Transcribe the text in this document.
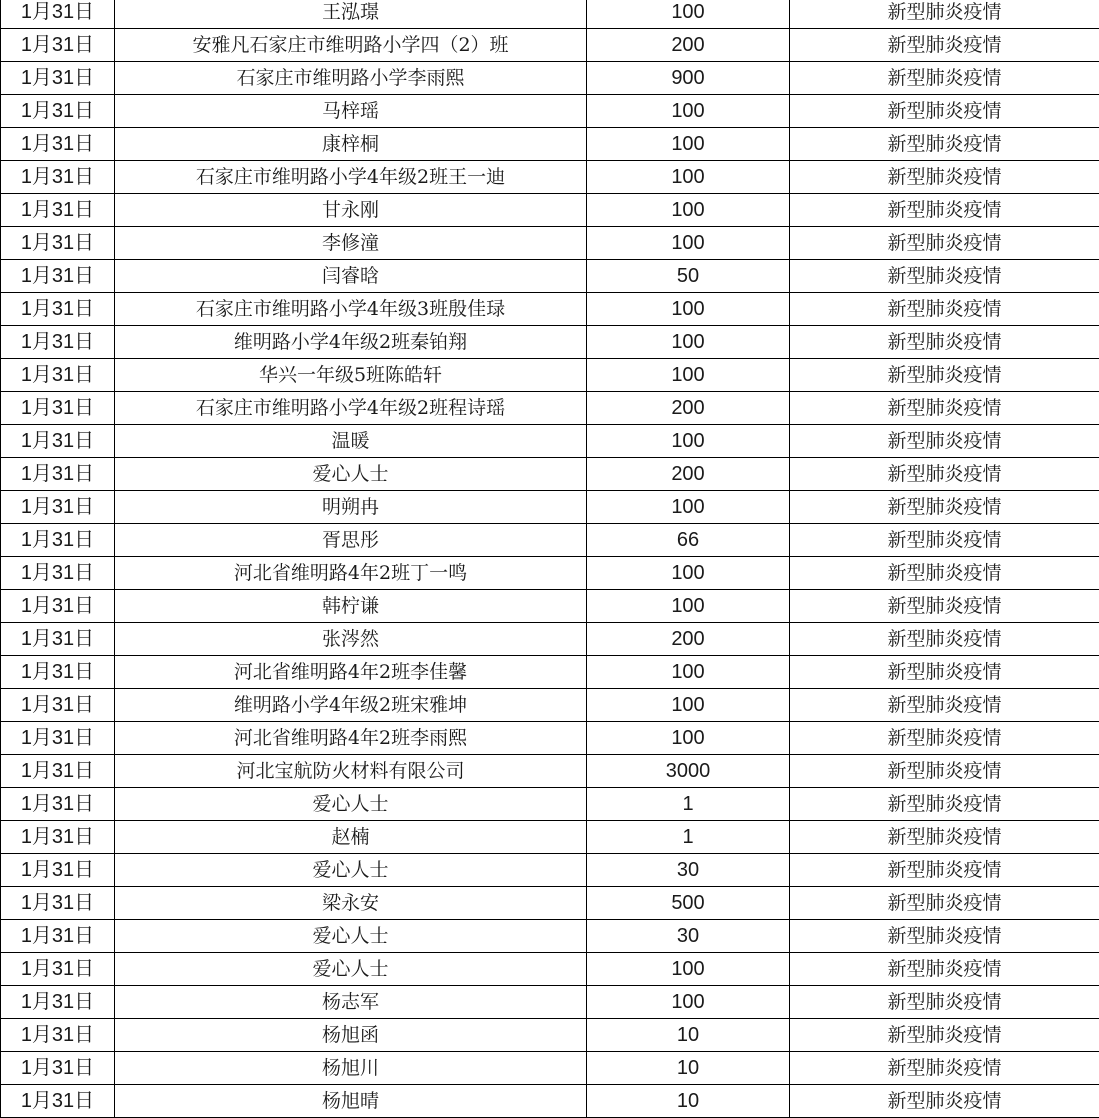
1月31日	王泓璟	100	新型肺炎疫情
1月31日	安雅凡石家庄市维明路小学四（2）班	200	新型肺炎疫情
1月31日	石家庄市维明路小学李雨熙	900	新型肺炎疫情
1月31日	马梓瑶	100	新型肺炎疫情
1月31日	康梓桐	100	新型肺炎疫情
1月31日	石家庄市维明路小学4年级2班王一迪	100	新型肺炎疫情
1月31日	甘永刚	100	新型肺炎疫情
1月31日	李修潼	100	新型肺炎疫情
1月31日	闫睿晗	50	新型肺炎疫情
1月31日	石家庄市维明路小学4年级3班殷佳琭	100	新型肺炎疫情
1月31日	维明路小学4年级2班秦铂翔	100	新型肺炎疫情
1月31日	华兴一年级5班陈皓轩	100	新型肺炎疫情
1月31日	石家庄市维明路小学4年级2班程诗瑶	200	新型肺炎疫情
1月31日	温暖	100	新型肺炎疫情
1月31日	爱心人士	200	新型肺炎疫情
1月31日	明朔冉	100	新型肺炎疫情
1月31日	胥思彤	66	新型肺炎疫情
1月31日	河北省维明路4年2班丁一鸣	100	新型肺炎疫情
1月31日	韩柠谦	100	新型肺炎疫情
1月31日	张涔然	200	新型肺炎疫情
1月31日	河北省维明路4年2班李佳馨	100	新型肺炎疫情
1月31日	维明路小学4年级2班宋雅坤	100	新型肺炎疫情
1月31日	河北省维明路4年2班李雨熙	100	新型肺炎疫情
1月31日	河北宝航防火材料有限公司	3000	新型肺炎疫情
1月31日	爱心人士	1	新型肺炎疫情
1月31日	赵楠	1	新型肺炎疫情
1月31日	爱心人士	30	新型肺炎疫情
1月31日	梁永安	500	新型肺炎疫情
1月31日	爱心人士	30	新型肺炎疫情
1月31日	爱心人士	100	新型肺炎疫情
1月31日	杨志军	100	新型肺炎疫情
1月31日	杨旭函	10	新型肺炎疫情
1月31日	杨旭川	10	新型肺炎疫情
1月31日	杨旭晴	10	新型肺炎疫情
